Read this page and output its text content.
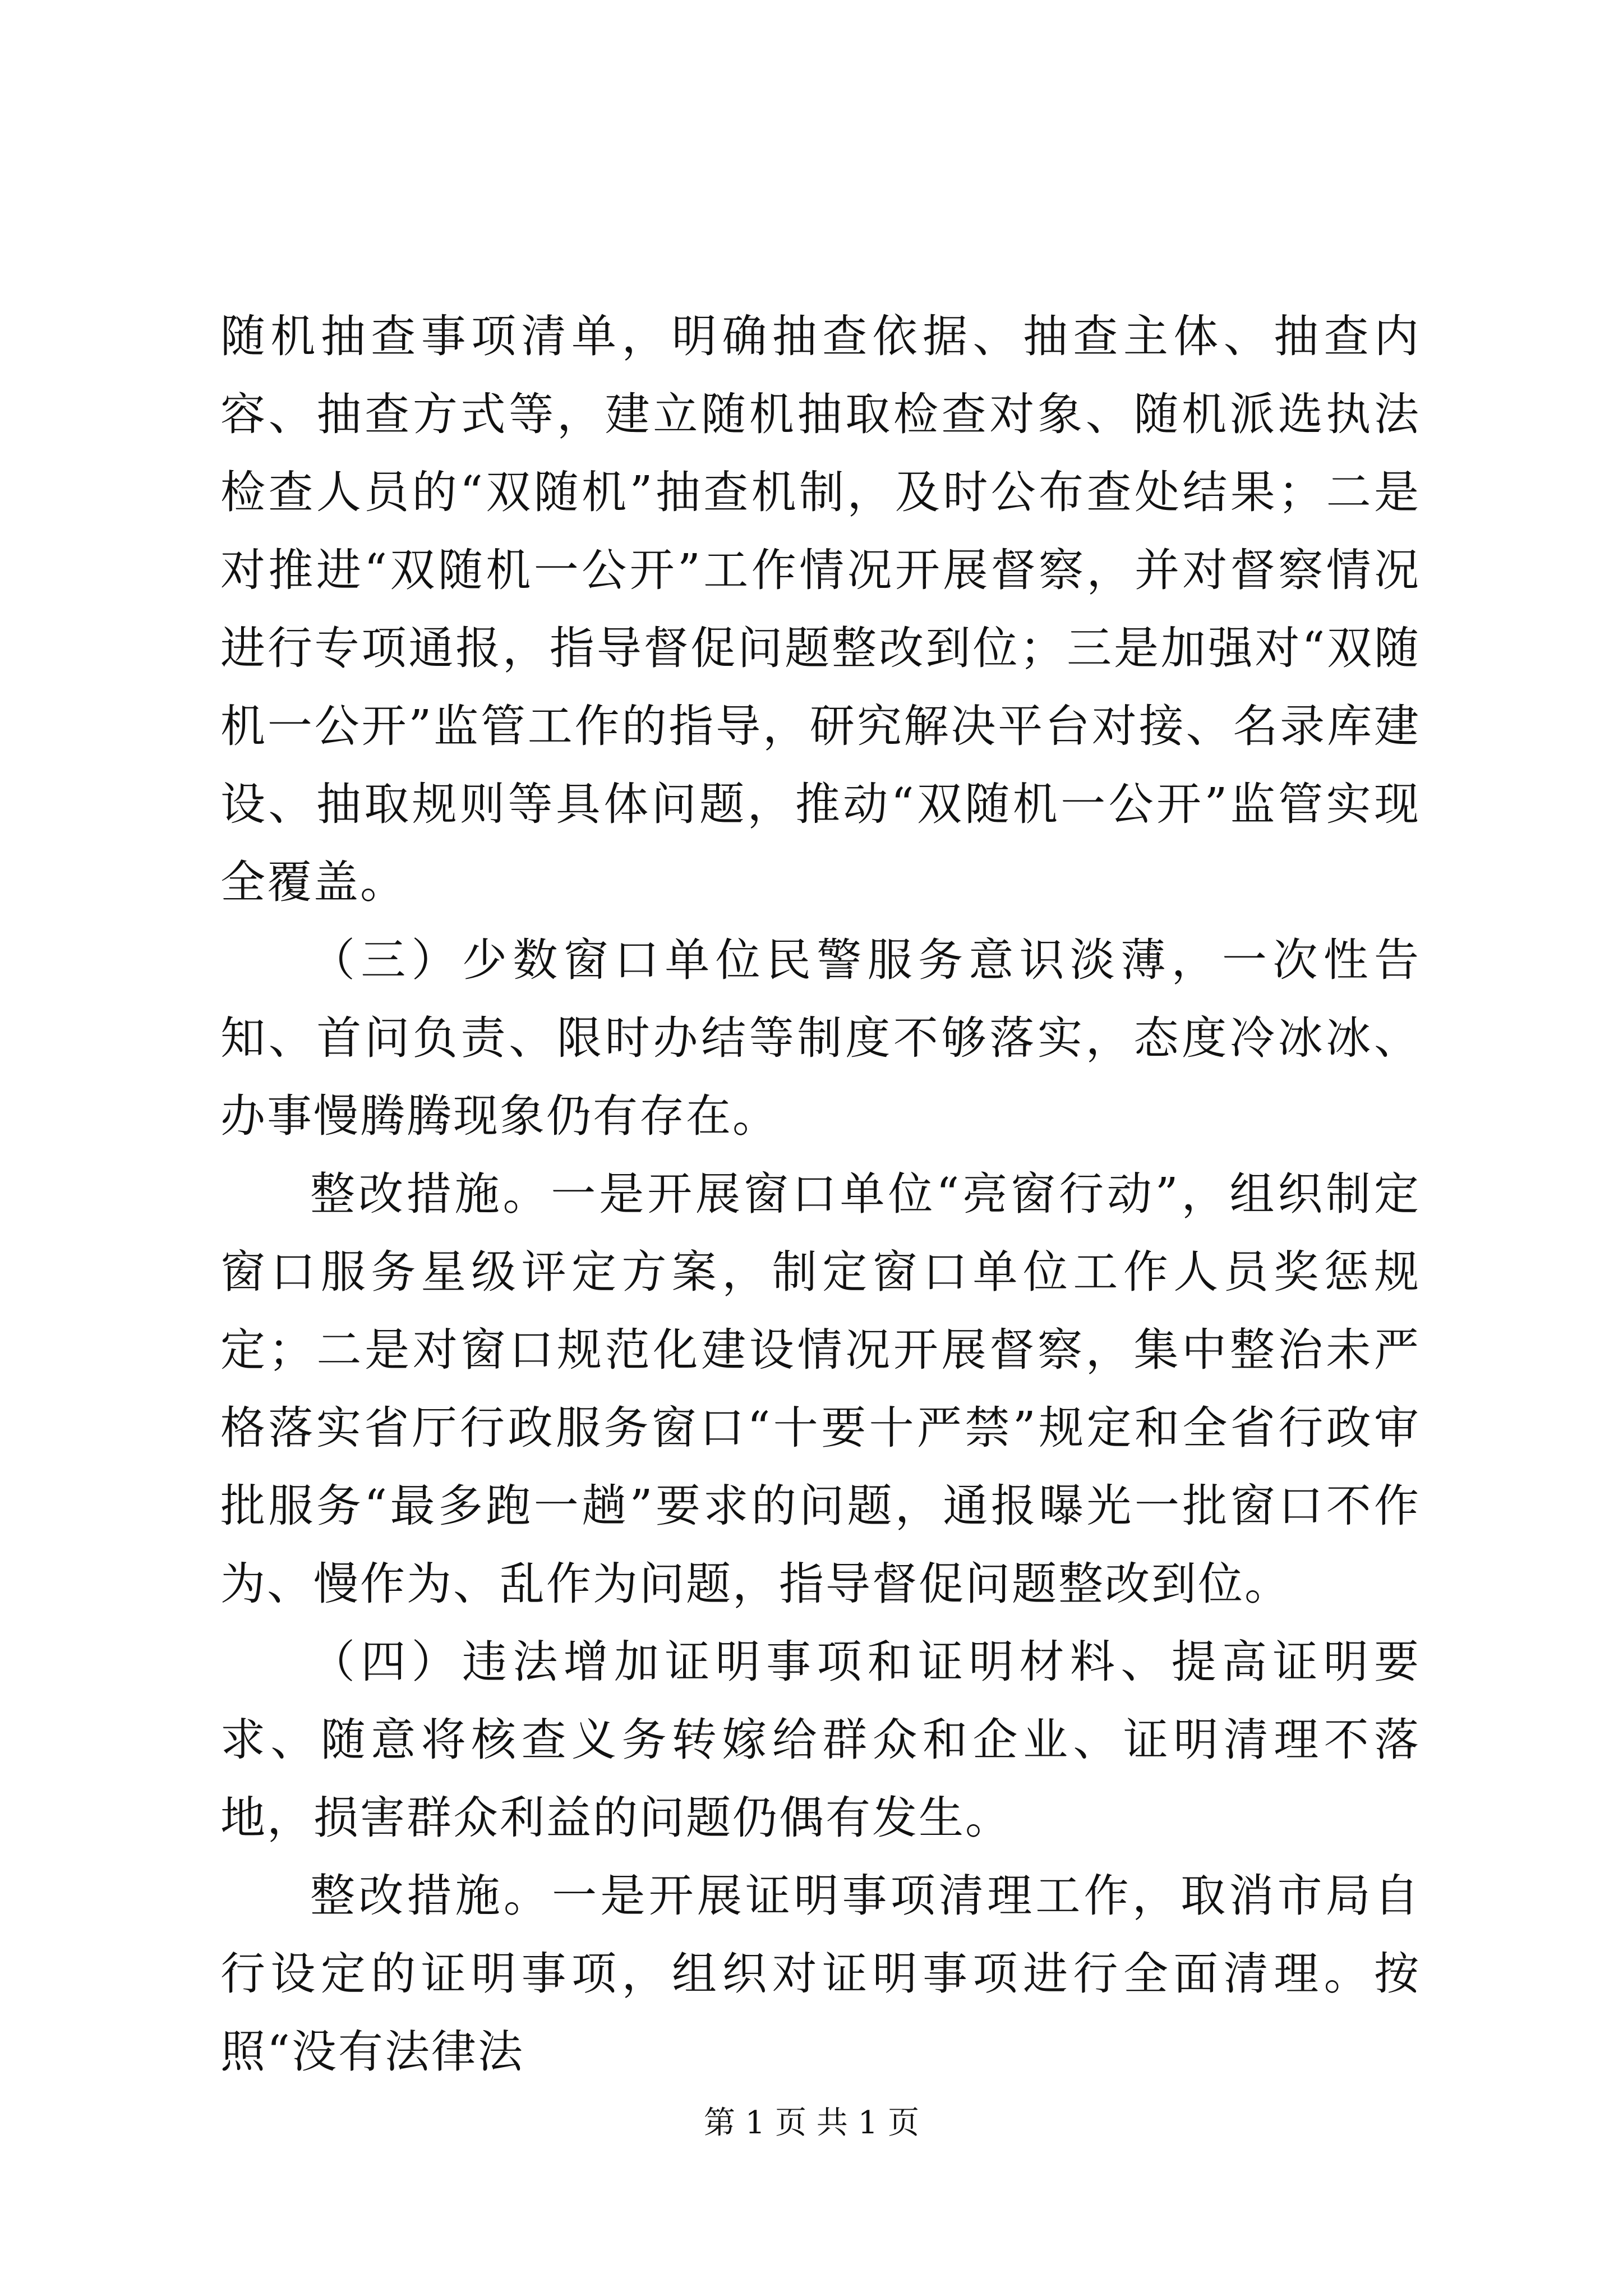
随机抽查事项清单，明确抽查依据、抽查主体、抽查内容、抽查方式等，建立随机抽取检查对象、随机派选执法检查人员的“双随机”抽查机制，及时公布查处结果；二是对推进“双随机一公开”工作情况开展督察，并对督察情况进行专项通报，指导督促问题整改到位；三是加强对“双随机一公开”监管工作的指导，研究解决平台对接、名录库建设、抽取规则等具体问题，推动“双随机一公开”监管实现全覆盖。

（三）少数窗口单位民警服务意识淡薄，一次性告知、首问负责、限时办结等制度不够落实，态度冷冰冰、办事慢腾腾现象仍有存在。

整改措施。一是开展窗口单位“亮窗行动”，组织制定窗口服务星级评定方案，制定窗口单位工作人员奖惩规定；二是对窗口规范化建设情况开展督察，集中整治未严格落实省厅行政服务窗口“十要十严禁”规定和全省行政审批服务“最多跑一趟”要求的问题，通报曝光一批窗口不作为、慢作为、乱作为问题，指导督促问题整改到位。

（四）违法增加证明事项和证明材料、提高证明要求、随意将核查义务转嫁给群众和企业、证明清理不落地，损害群众利益的问题仍偶有发生。

整改措施。一是开展证明事项清理工作，取消市局自行设定的证明事项，组织对证明事项进行全面清理。按照“没有法律法

第 1 页 共 1 页
